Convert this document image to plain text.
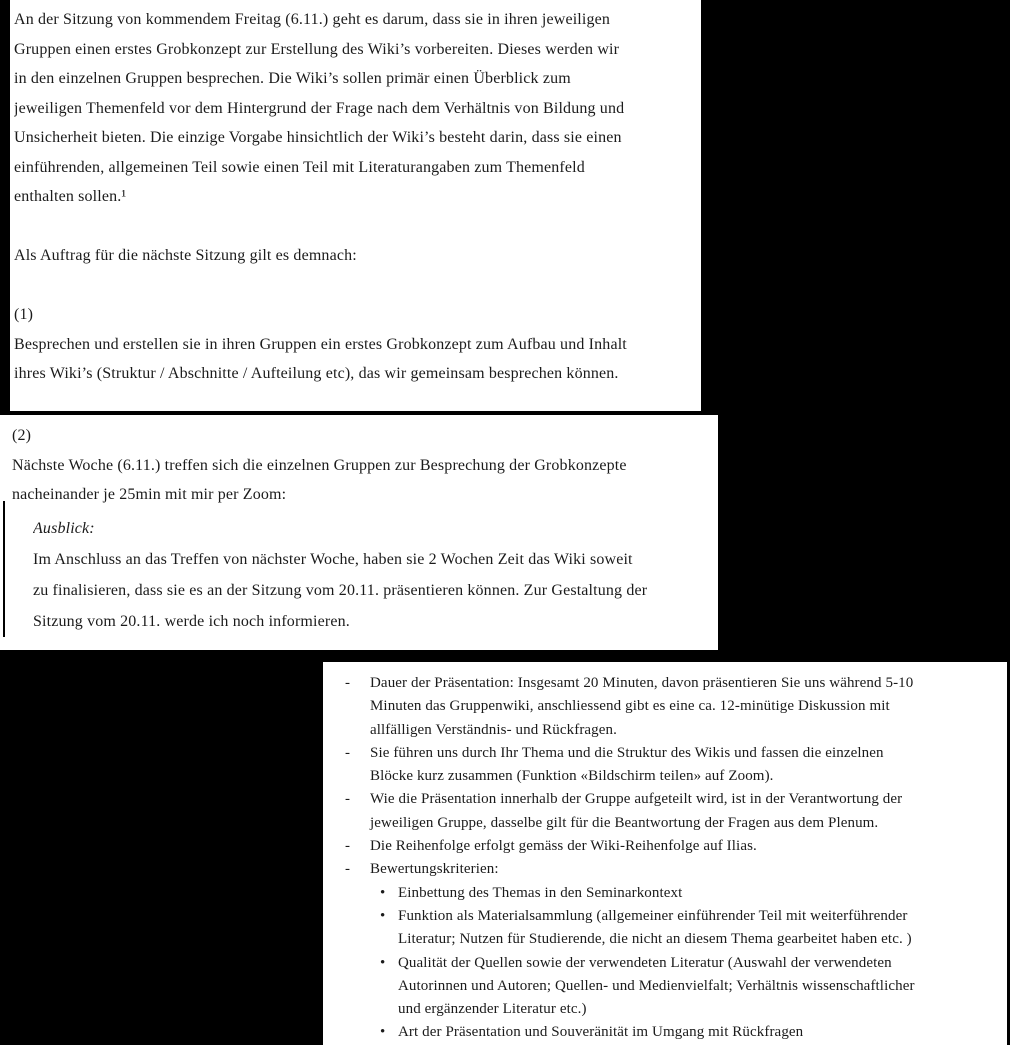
An der Sitzung von kommendem Freitag (6.11.) geht es darum, dass sie in ihren jeweiligen
Gruppen einen erstes Grobkonzept zur Erstellung des Wiki’s vorbereiten. Dieses werden wir
in den einzelnen Gruppen besprechen. Die Wiki’s sollen primär einen Überblick zum
jeweiligen Themenfeld vor dem Hintergrund der Frage nach dem Verhältnis von Bildung und
Unsicherheit bieten. Die einzige Vorgabe hinsichtlich der Wiki’s besteht darin, dass sie einen
einführenden, allgemeinen Teil sowie einen Teil mit Literaturangaben zum Themenfeld
enthalten sollen.¹
Als Auftrag für die nächste Sitzung gilt es demnach:
(1)
Besprechen und erstellen sie in ihren Gruppen ein erstes Grobkonzept zum Aufbau und Inhalt
ihres Wiki’s (Struktur / Abschnitte / Aufteilung etc), das wir gemeinsam besprechen können.
(2)
Nächste Woche (6.11.) treffen sich die einzelnen Gruppen zur Besprechung der Grobkonzepte
nacheinander je 25min mit mir per Zoom:
Ausblick:
Im Anschluss an das Treffen von nächster Woche, haben sie 2 Wochen Zeit das Wiki soweit
zu finalisieren, dass sie es an der Sitzung vom 20.11. präsentieren können. Zur Gestaltung der
Sitzung vom 20.11. werde ich noch informieren.
-	Dauer der Präsentation: Insgesamt 20 Minuten, davon präsentieren Sie uns während 5-10
Minuten das Gruppenwiki, anschliessend gibt es eine ca. 12-minütige Diskussion mit
allfälligen Verständnis- und Rückfragen.
-	Sie führen uns durch Ihr Thema und die Struktur des Wikis und fassen die einzelnen
Blöcke kurz zusammen (Funktion «Bildschirm teilen» auf Zoom).
-	Wie die Präsentation innerhalb der Gruppe aufgeteilt wird, ist in der Verantwortung der
jeweiligen Gruppe, dasselbe gilt für die Beantwortung der Fragen aus dem Plenum.
-	Die Reihenfolge erfolgt gemäss der Wiki-Reihenfolge auf Ilias.
-	Bewertungskriterien:
• Einbettung des Themas in den Seminarkontext
• Funktion als Materialsammlung (allgemeiner einführender Teil mit weiterführender
Literatur; Nutzen für Studierende, die nicht an diesem Thema gearbeitet haben etc. )
• Qualität der Quellen sowie der verwendeten Literatur (Auswahl der verwendeten
Autorinnen und Autoren; Quellen- und Medienvielfalt; Verhältnis wissenschaftlicher
und ergänzender Literatur etc.)
• Art der Präsentation und Souveränität im Umgang mit Rückfragen
